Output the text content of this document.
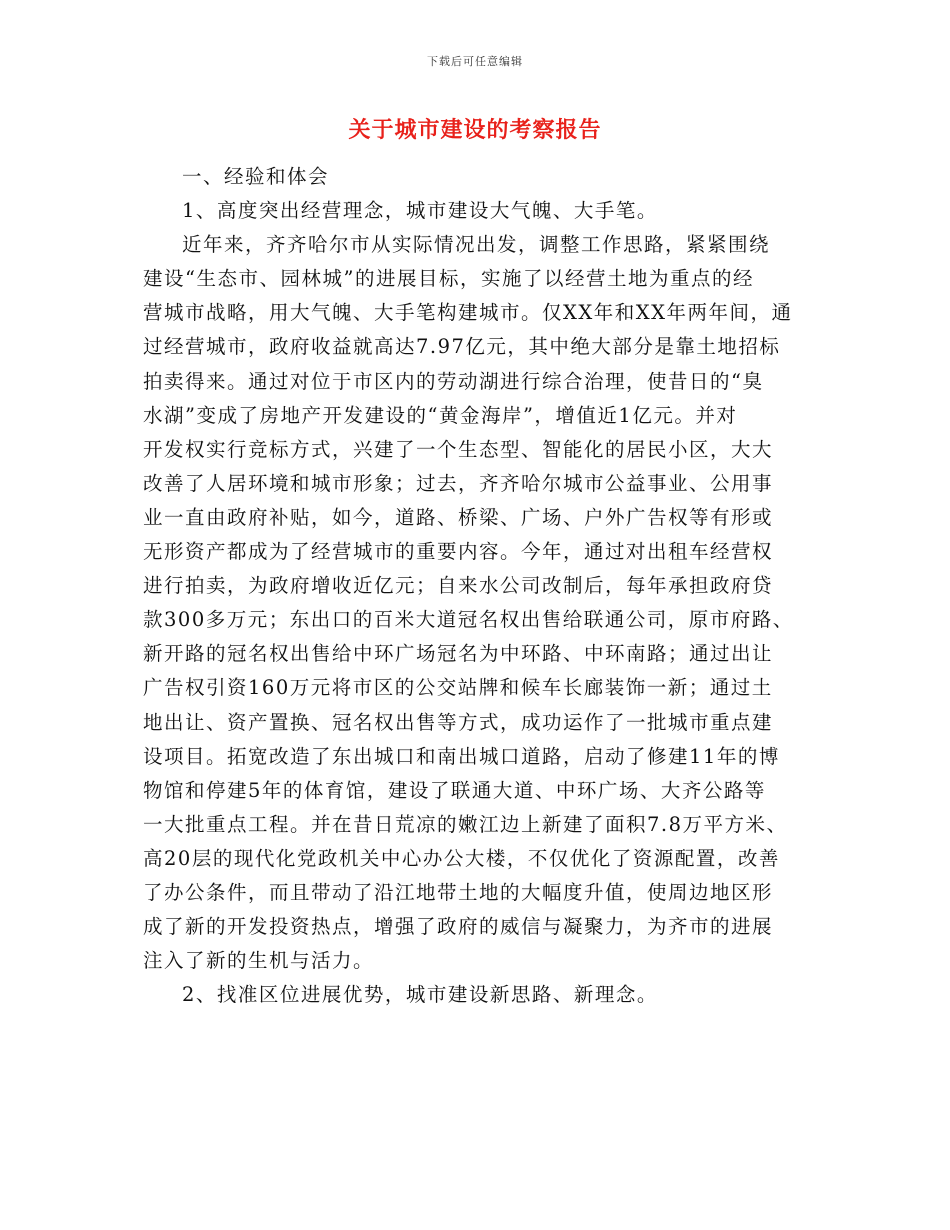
下载后可任意编辑
关于城市建设的考察报告

一、经验和体会

1、高度突出经营理念，城市建设大气魄、大手笔。

近年来，齐齐哈尔市从实际情况出发，调整工作思路，紧紧围绕
建设“生态市、园林城”的进展目标，实施了以经营土地为重点的经
营城市战略，用大气魄、大手笔构建城市。仅XX年和XX年两年间，通
过经营城市，政府收益就高达7.97亿元，其中绝大部分是靠土地招标
拍卖得来。通过对位于市区内的劳动湖进行综合治理，使昔日的“臭
水湖”变成了房地产开发建设的“黄金海岸”，增值近1亿元。并对
开发权实行竞标方式，兴建了一个生态型、智能化的居民小区，大大
改善了人居环境和城市形象；过去，齐齐哈尔城市公益事业、公用事
业一直由政府补贴，如今，道路、桥梁、广场、户外广告权等有形或
无形资产都成为了经营城市的重要内容。今年，通过对出租车经营权
进行拍卖，为政府增收近亿元；自来水公司改制后，每年承担政府贷
款300多万元；东出口的百米大道冠名权出售给联通公司，原市府路、
新开路的冠名权出售给中环广场冠名为中环路、中环南路；通过出让
广告权引资160万元将市区的公交站牌和候车长廊装饰一新；通过土
地出让、资产置换、冠名权出售等方式，成功运作了一批城市重点建
设项目。拓宽改造了东出城口和南出城口道路，启动了修建11年的博
物馆和停建5年的体育馆，建设了联通大道、中环广场、大齐公路等
一大批重点工程。并在昔日荒凉的嫩江边上新建了面积7.8万平方米、
高20层的现代化党政机关中心办公大楼，不仅优化了资源配置，改善
了办公条件，而且带动了沿江地带土地的大幅度升值，使周边地区形
成了新的开发投资热点，增强了政府的威信与凝聚力，为齐市的进展
注入了新的生机与活力。

2、找准区位进展优势，城市建设新思路、新理念。
